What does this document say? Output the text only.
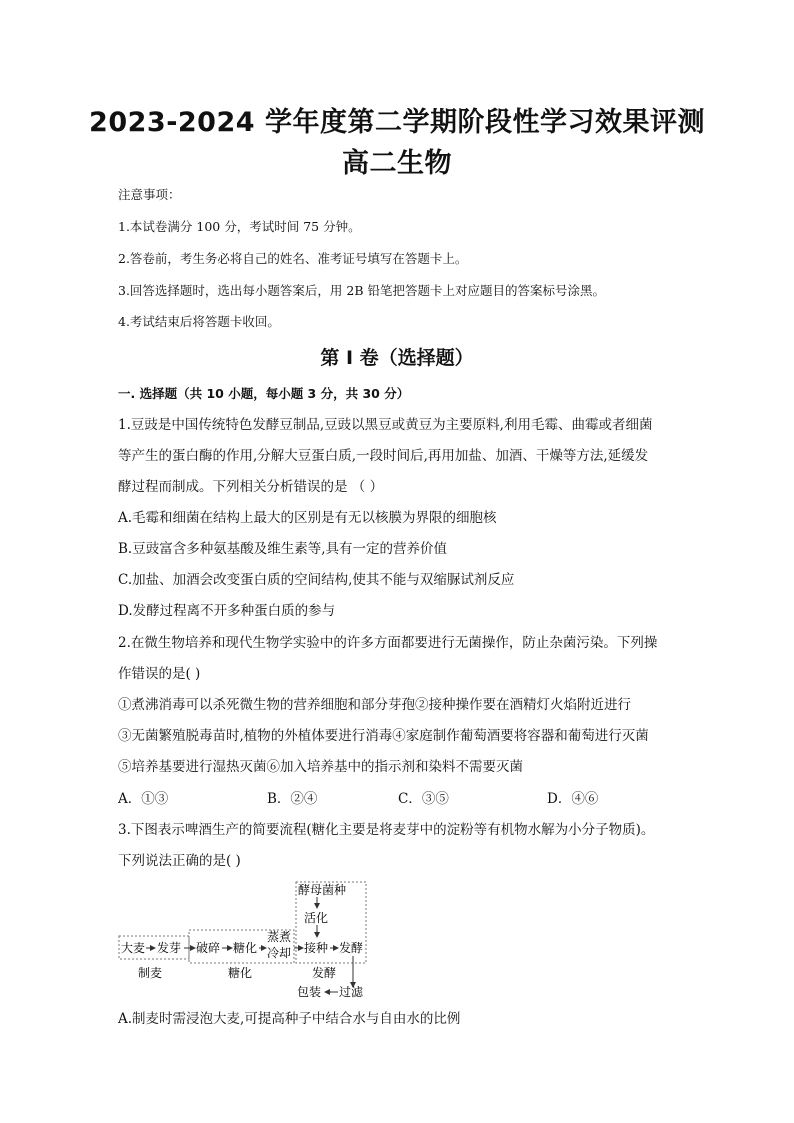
2023-2024 学年度第二学期阶段性学习效果评测
高二生物
注意事项：
1.本试卷满分 100 分，考试时间 75 分钟。
2.答卷前，考生务必将自己的姓名、准考证号填写在答题卡上。
3.回答选择题时，选出每小题答案后，用 2B 铅笔把答题卡上对应题目的答案标号涂黑。
4.考试结束后将答题卡收回。
第 I 卷（选择题）
一. 选择题（共 10 小题，每小题 3 分，共 30 分）
1.豆豉是中国传统特色发酵豆制品,豆豉以黑豆或黄豆为主要原料,利用毛霉、曲霉或者细菌
等产生的蛋白酶的作用,分解大豆蛋白质,一段时间后,再用加盐、加酒、干燥等方法,延缓发
酵过程而制成。下列相关分析错误的是 （ ）
A.毛霉和细菌在结构上最大的区别是有无以核膜为界限的细胞核
B.豆豉富含多种氨基酸及维生素等,具有一定的营养价值
C.加盐、加酒会改变蛋白质的空间结构,使其不能与双缩脲试剂反应
D.发酵过程离不开多种蛋白质的参与
2.在微生物培养和现代生物学实验中的许多方面都要进行无菌操作，防止杂菌污染。下列操
作错误的是( )
①煮沸消毒可以杀死微生物的营养细胞和部分芽孢②接种操作要在酒精灯火焰附近进行
③无菌繁殖脱毒苗时,植物的外植体要进行消毒④家庭制作葡萄酒要将容器和葡萄进行灭菌
⑤培养基要进行湿热灭菌⑥加入培养基中的指示剂和染料不需要灭菌
A．①③	B．②④	C．③⑤	D．④⑥
3.下图表示啤酒生产的简要流程(糖化主要是将麦芽中的淀粉等有机物水解为小分子物质)。
下列说法正确的是( )
酵母菌种
活化
大麦 发芽 破碎 糖化
蒸煮
冷却 接种 发酵
制麦	糖化	发酵
包装 过滤
A.制麦时需浸泡大麦,可提高种子中结合水与自由水的比例
